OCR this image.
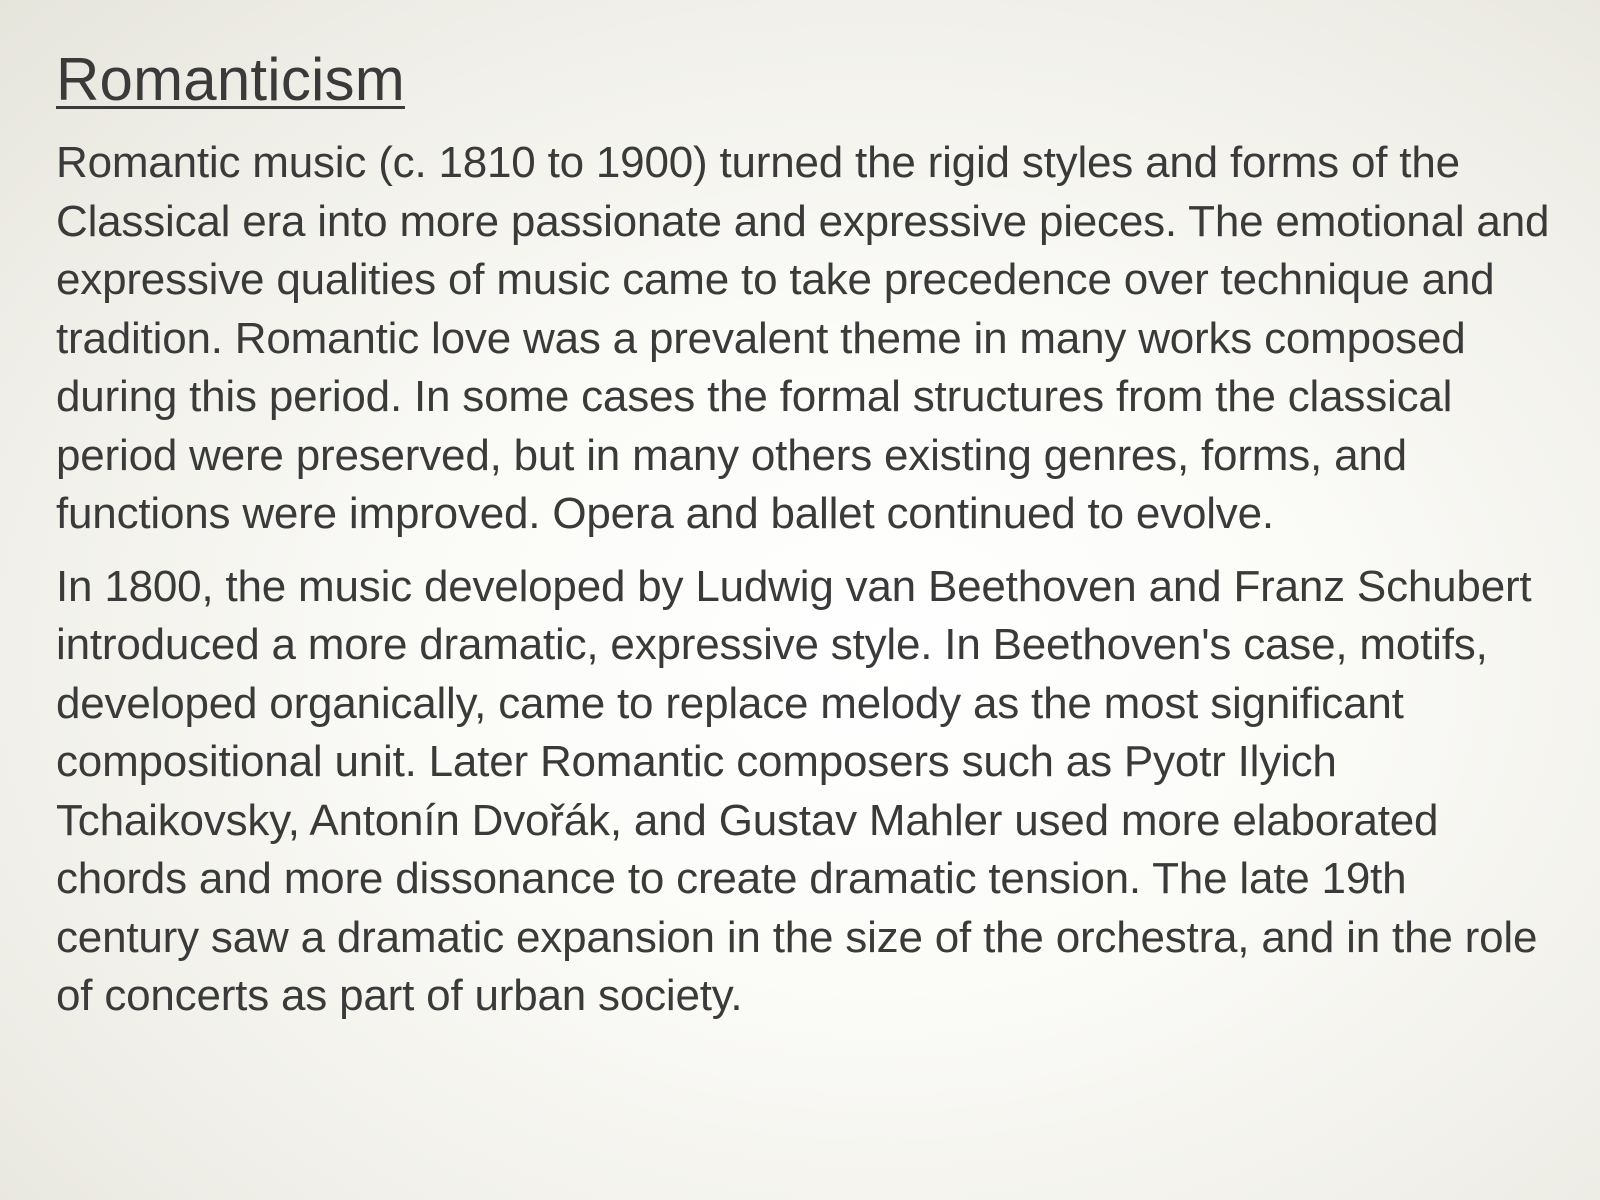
Romanticism

Romantic music (c. 1810 to 1900) turned the rigid styles and forms of the Classical era into more passionate and expressive pieces. The emotional and expressive qualities of music came to take precedence over technique and tradition. Romantic love was a prevalent theme in many works composed during this period. In some cases the formal structures from the classical period were preserved, but in many others existing genres, forms, and functions were improved. Opera and ballet continued to evolve.

In 1800, the music developed by Ludwig van Beethoven and Franz Schubert introduced a more dramatic, expressive style. In Beethoven's case, motifs, developed organically, came to replace melody as the most significant compositional unit. Later Romantic composers such as Pyotr Ilyich Tchaikovsky, Antonín Dvořák, and Gustav Mahler used more elaborated chords and more dissonance to create dramatic tension. The late 19th century saw a dramatic expansion in the size of the orchestra, and in the role of concerts as part of urban society.
